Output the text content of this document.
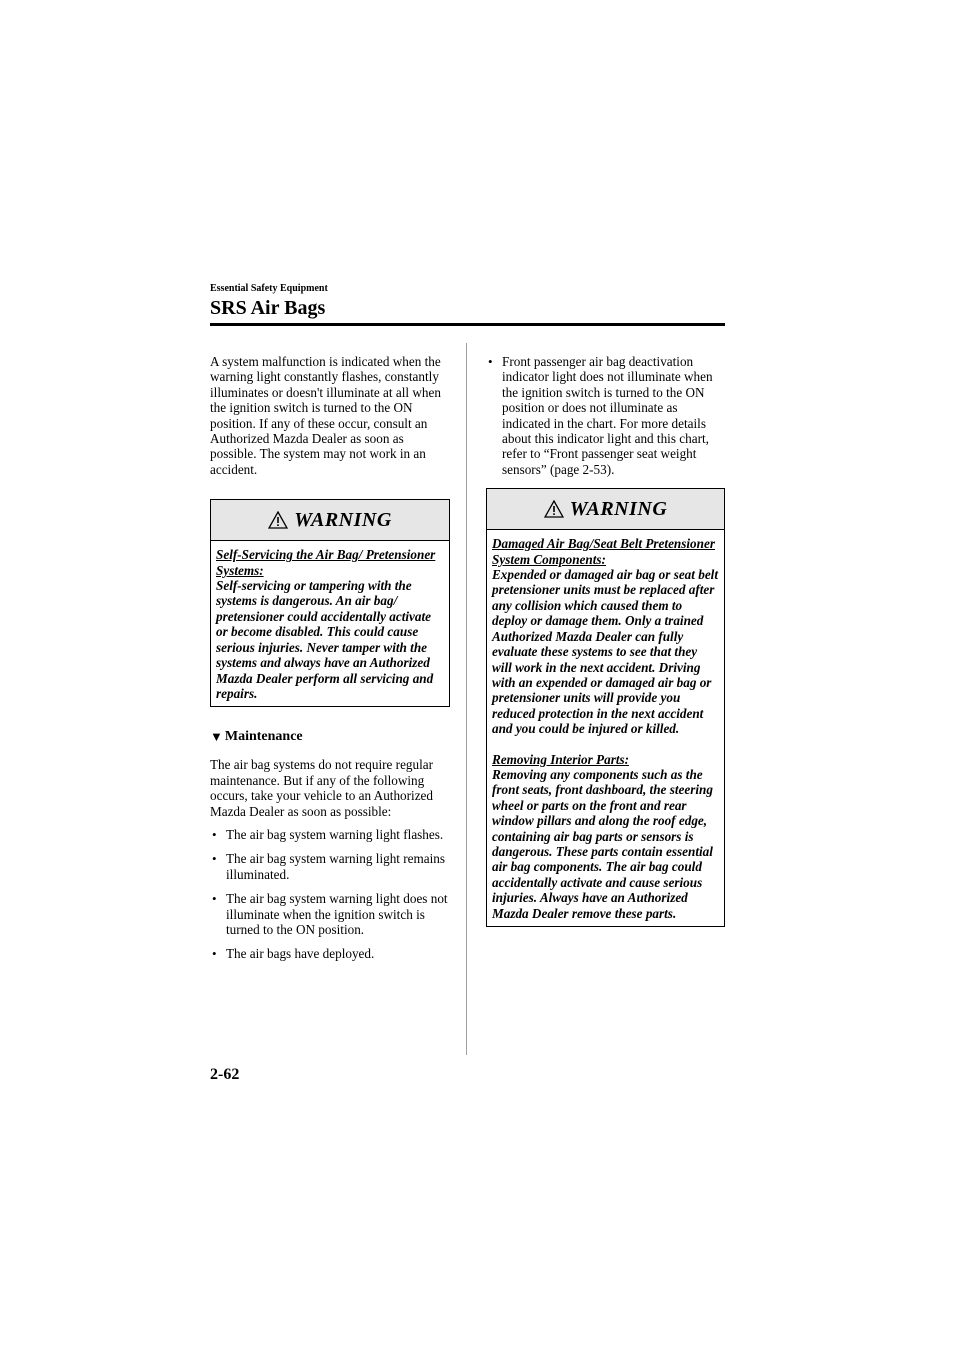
Essential Safety Equipment
SRS Air Bags

A system malfunction is indicated when the warning light constantly flashes, constantly illuminates or doesn't illuminate at all when the ignition switch is turned to the ON position. If any of these occur, consult an Authorized Mazda Dealer as soon as possible. The system may not work in an accident.

WARNING

Self-Servicing the Air Bag/ Pretensioner Systems:

Self-servicing or tampering with the systems is dangerous. An air bag/ pretensioner could accidentally activate or become disabled. This could cause serious injuries. Never tamper with the systems and always have an Authorized Mazda Dealer perform all servicing and repairs.

▼ Maintenance

The air bag systems do not require regular maintenance. But if any of the following occurs, take your vehicle to an Authorized Mazda Dealer as soon as possible:

• The air bag system warning light flashes.
• The air bag system warning light remains illuminated.
• The air bag system warning light does not illuminate when the ignition switch is turned to the ON position.
• The air bags have deployed.
• Front passenger air bag deactivation indicator light does not illuminate when the ignition switch is turned to the ON position or does not illuminate as indicated in the chart. For more details about this indicator light and this chart, refer to “Front passenger seat weight sensors” (page 2-53).
WARNING

Damaged Air Bag/Seat Belt Pretensioner System Components:

Expended or damaged air bag or seat belt pretensioner units must be replaced after any collision which caused them to deploy or damage them. Only a trained Authorized Mazda Dealer can fully evaluate these systems to see that they will work in the next accident. Driving with an expended or damaged air bag or pretensioner units will provide you reduced protection in the next accident and you could be injured or killed.

Removing Interior Parts:

Removing any components such as the front seats, front dashboard, the steering wheel or parts on the front and rear window pillars and along the roof edge, containing air bag parts or sensors is dangerous. These parts contain essential air bag components. The air bag could accidentally activate and cause serious injuries. Always have an Authorized Mazda Dealer remove these parts.

2-62
